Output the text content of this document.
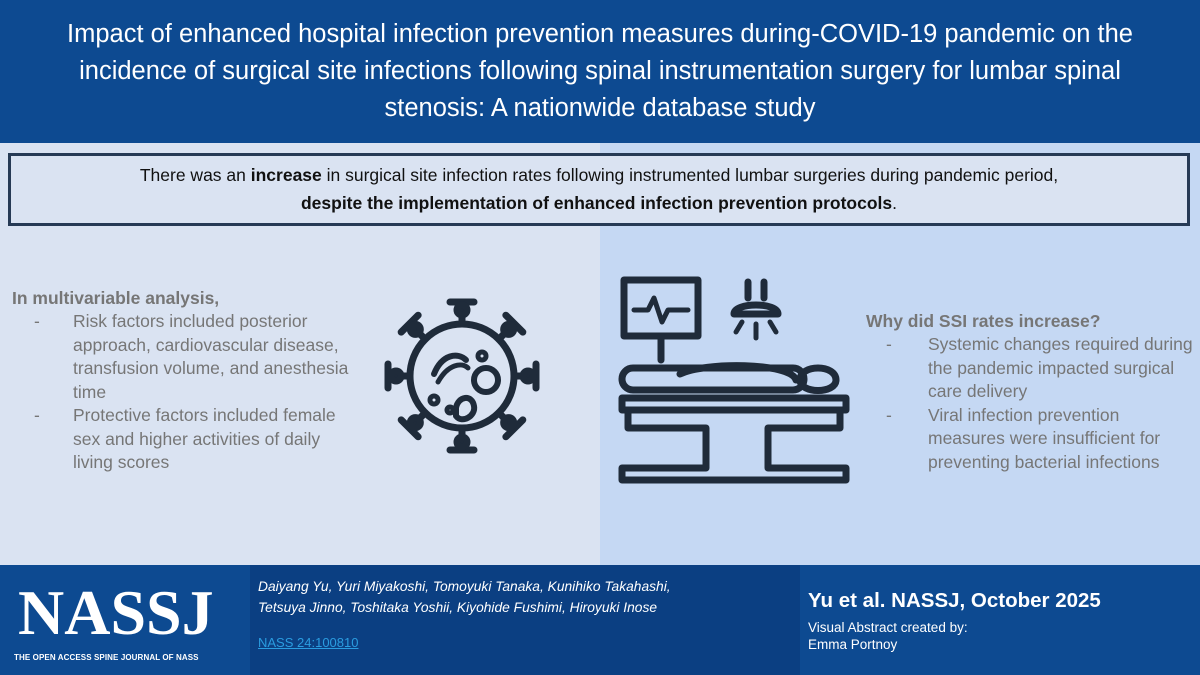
Impact of enhanced hospital infection prevention measures during-COVID-19 pandemic on the incidence of surgical site infections following spinal instrumentation surgery for lumbar spinal stenosis: A nationwide database study
There was an increase in surgical site infection rates following instrumented lumbar surgeries during pandemic period,
despite the implementation of enhanced infection prevention protocols.
In multivariable analysis,
- Risk factors included posterior approach, cardiovascular disease, transfusion volume, and anesthesia time
- Protective factors included female sex and higher activities of daily living scores
Why did SSI rates increase?
- Systemic changes required during the pandemic impacted surgical care delivery
- Viral infection prevention measures were insufficient for preventing bacterial infections
NASSJ
THE OPEN ACCESS SPINE JOURNAL OF NASS
Daiyang Yu, Yuri Miyakoshi, Tomoyuki Tanaka, Kunihiko Takahashi,
Tetsuya Jinno, Toshitaka Yoshii, Kiyohide Fushimi, Hiroyuki Inose
NASS 24:100810
Yu et al. NASSJ, October 2025
Visual Abstract created by:
Emma Portnoy
